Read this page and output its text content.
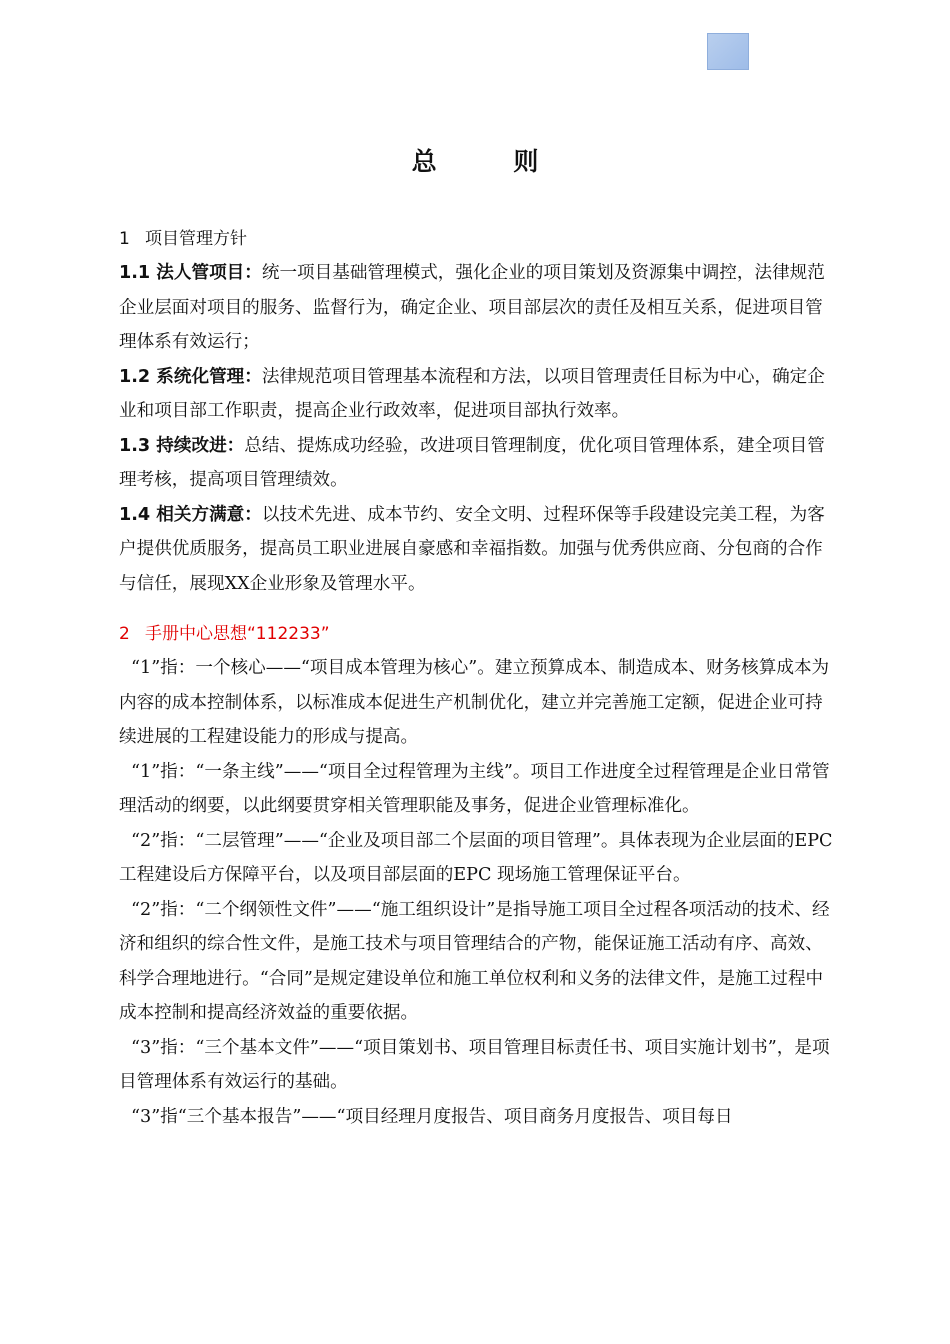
总 则

1 项目管理方针

1.1 法人管项目：统一项目基础管理模式，强化企业的项目策划及资源集中调控，法律规范企业层面对项目的服务、监督行为，确定企业、项目部层次的责任及相互关系，促进项目管理体系有效运行；

1.2 系统化管理：法律规范项目管理基本流程和方法，以项目管理责任目标为中心，确定企业和项目部工作职责，提高企业行政效率，促进项目部执行效率。

1.3 持续改进：总结、提炼成功经验，改进项目管理制度，优化项目管理体系，建全项目管理考核，提高项目管理绩效。

1.4 相关方满意：以技术先进、成本节约、安全文明、过程环保等手段建设完美工程，为客户提供优质服务，提高员工职业进展自豪感和幸福指数。加强与优秀供应商、分包商的合作与信任，展现XX企业形象及管理水平。

2 手册中心思想“112233”

“1”指：一个核心——“项目成本管理为核心”。建立预算成本、制造成本、财务核算成本为内容的成本控制体系，以标准成本促进生产机制优化，建立并完善施工定额，促进企业可持续进展的工程建设能力的形成与提高。

“1”指：“一条主线”——“项目全过程管理为主线”。项目工作进度全过程管理是企业日常管理活动的纲要，以此纲要贯穿相关管理职能及事务，促进企业管理标准化。

“2”指：“二层管理”——“企业及项目部二个层面的项目管理”。具体表现为企业层面的EPC 工程建设后方保障平台，以及项目部层面的EPC 现场施工管理保证平台。

“2”指：“二个纲领性文件”——“施工组织设计”是指导施工项目全过程各项活动的技术、经济和组织的综合性文件，是施工技术与项目管理结合的产物，能保证施工活动有序、高效、科学合理地进行。“合同”是规定建设单位和施工单位权利和义务的法律文件，是施工过程中成本控制和提高经济效益的重要依据。

“3”指：“三个基本文件”——“项目策划书、项目管理目标责任书、项目实施计划书”，是项目管理体系有效运行的基础。

“3”指“三个基本报告”——“项目经理月度报告、项目商务月度报告、项目每日
